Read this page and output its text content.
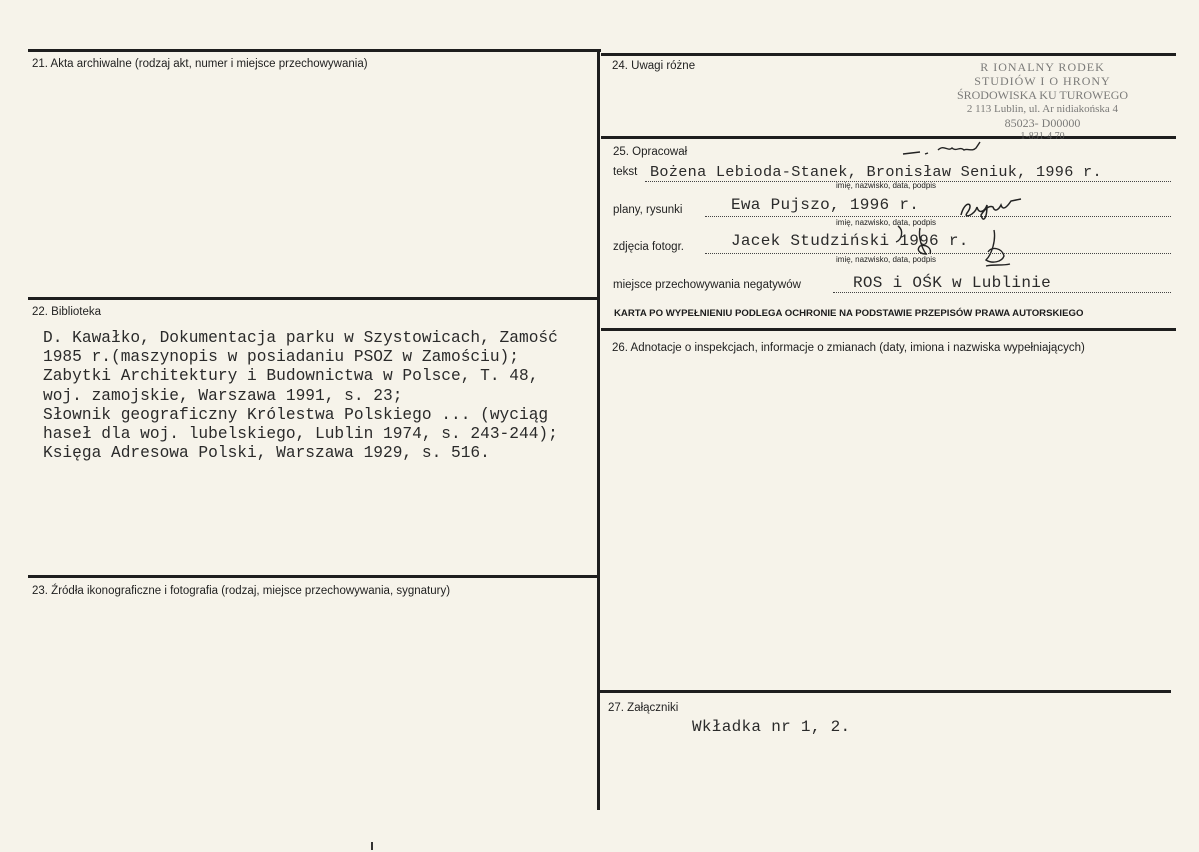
21. Akta archiwalne (rodzaj akt, numer i miejsce przechowywania)
22. Biblioteka
D. Kawałko, Dokumentacja parku w Szystowicach, Zamość
1985 r.(maszynopis w posiadaniu PSOZ w Zamościu);
Zabytki Architektury i Budownictwa w Polsce, T. 48,
woj. zamojskie, Warszawa 1991, s. 23;
Słownik geograficzny Królestwa Polskiego ... (wyciąg
haseł dla woj. lubelskiego, Lublin 1974, s. 243-244);
Księga Adresowa Polski, Warszawa 1929, s. 516.
23. Źródła ikonograficzne i fotografia (rodzaj, miejsce przechowywania, sygnatury)
24. Uwagi różne	R IONALNY RODEK
STUDIÓW I O HRONY
ŚRODOWISKA KU TUROWEGO
2 113 Lublin, ul. Ar nidiakońska 4
85023- D00000
1-831-4 70
25. Opracował
tekst Bożena Lebioda-Stanek, Bronisław Seniuk, 1996 r.
imię, nazwisko, data, podpis
plany, rysunki	Ewa Pujszo, 1996 r.
imię, nazwisko, data, podpis
zdjęcia fotogr.	Jacek Studziński 1996 r.
imię, nazwisko, data, podpis
miejsce przechowywania negatywów	ROS i OŚK w Lublinie
KARTA PO WYPEŁNIENIU PODLEGA OCHRONIE NA PODSTAWIE PRZEPISÓW PRAWA AUTORSKIEGO
26. Adnotacje o inspekcjach, informacje o zmianach (daty, imiona i nazwiska wypełniających)
27. Załączniki
Wkładka nr 1, 2.
